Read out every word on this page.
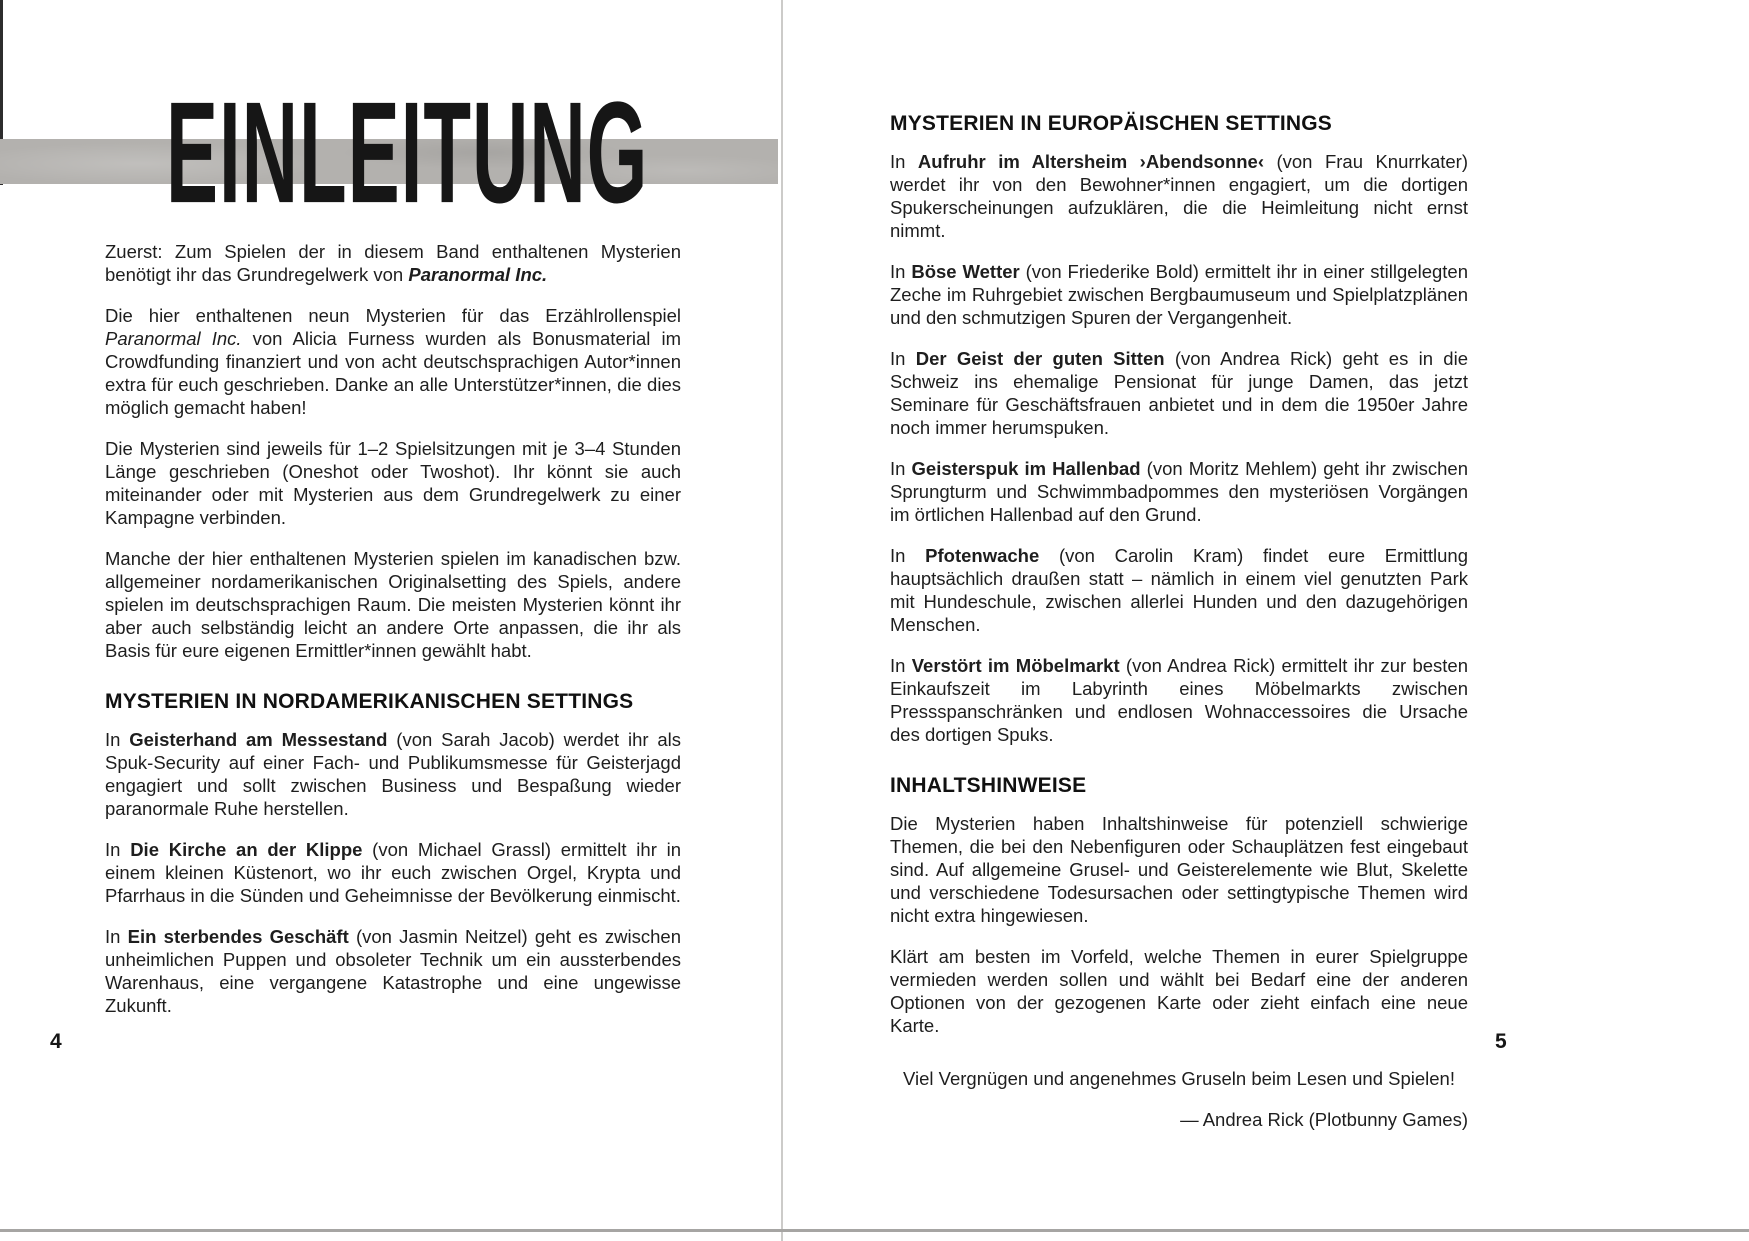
EINLEITUNG

Zuerst: Zum Spielen der in diesem Band enthaltenen Mysterien benötigt ihr das Grundregelwerk von Paranormal Inc.

Die hier enthaltenen neun Mysterien für das Erzählrollenspiel Paranormal Inc. von Alicia Furness wurden als Bonusmaterial im Crowdfunding finanziert und von acht deutschsprachigen Autor*innen extra für euch geschrieben. Danke an alle Unterstützer*innen, die dies möglich gemacht haben!

Die Mysterien sind jeweils für 1–2 Spielsitzungen mit je 3–4 Stunden Länge geschrieben (Oneshot oder Twoshot). Ihr könnt sie auch miteinander oder mit Mysterien aus dem Grundregelwerk zu einer Kampagne verbinden.

Manche der hier enthaltenen Mysterien spielen im kanadischen bzw. allgemeiner nordamerikanischen Originalsetting des Spiels, andere spielen im deutschsprachigen Raum. Die meisten Mysterien könnt ihr aber auch selbständig leicht an andere Orte anpassen, die ihr als Basis für eure eigenen Ermittler*innen gewählt habt.

MYSTERIEN IN NORDAMERIKANISCHEN SETTINGS

In Geisterhand am Messestand (von Sarah Jacob) werdet ihr als Spuk-Security auf einer Fach- und Publikumsmesse für Geisterjagd engagiert und sollt zwischen Business und Bespaßung wieder paranormale Ruhe herstellen.

In Die Kirche an der Klippe (von Michael Grassl) ermittelt ihr in einem kleinen Küstenort, wo ihr euch zwischen Orgel, Krypta und Pfarrhaus in die Sünden und Geheimnisse der Bevölkerung einmischt.

In Ein sterbendes Geschäft (von Jasmin Neitzel) geht es zwischen unheimlichen Puppen und obsoleter Technik um ein aussterbendes Warenhaus, eine vergangene Katastrophe und eine ungewisse Zukunft.

4
MYSTERIEN IN EUROPÄISCHEN SETTINGS

In Aufruhr im Altersheim ›Abendsonne‹ (von Frau Knurrkater) werdet ihr von den Bewohner*innen engagiert, um die dortigen Spukerscheinungen aufzuklären, die die Heimleitung nicht ernst nimmt.

In Böse Wetter (von Friederike Bold) ermittelt ihr in einer stillgelegten Zeche im Ruhrgebiet zwischen Bergbaumuseum und Spielplatzplänen und den schmutzigen Spuren der Vergangenheit.

In Der Geist der guten Sitten (von Andrea Rick) geht es in die Schweiz ins ehemalige Pensionat für junge Damen, das jetzt Seminare für Geschäftsfrauen anbietet und in dem die 1950er Jahre noch immer herumspuken.

In Geisterspuk im Hallenbad (von Moritz Mehlem) geht ihr zwischen Sprungturm und Schwimmbadpommes den mysteriösen Vorgängen im örtlichen Hallenbad auf den Grund.

In Pfotenwache (von Carolin Kram) findet eure Ermittlung hauptsächlich draußen statt – nämlich in einem viel genutzten Park mit Hundeschule, zwischen allerlei Hunden und den dazugehörigen Menschen.

In Verstört im Möbelmarkt (von Andrea Rick) ermittelt ihr zur besten Einkaufszeit im Labyrinth eines Möbelmarkts zwischen Pressspanschränken und endlosen Wohnaccessoires die Ursache des dortigen Spuks.

INHALTSHINWEISE

Die Mysterien haben Inhaltshinweise für potenziell schwierige Themen, die bei den Nebenfiguren oder Schauplätzen fest eingebaut sind. Auf allgemeine Grusel- und Geisterelemente wie Blut, Skelette und verschiedene Todesursachen oder settingtypische Themen wird nicht extra hingewiesen.

Klärt am besten im Vorfeld, welche Themen in eurer Spielgruppe vermieden werden sollen und wählt bei Bedarf eine der anderen Optionen von der gezogenen Karte oder zieht einfach eine neue Karte.

Viel Vergnügen und angenehmes Gruseln beim Lesen und Spielen!

— Andrea Rick (Plotbunny Games)

5
